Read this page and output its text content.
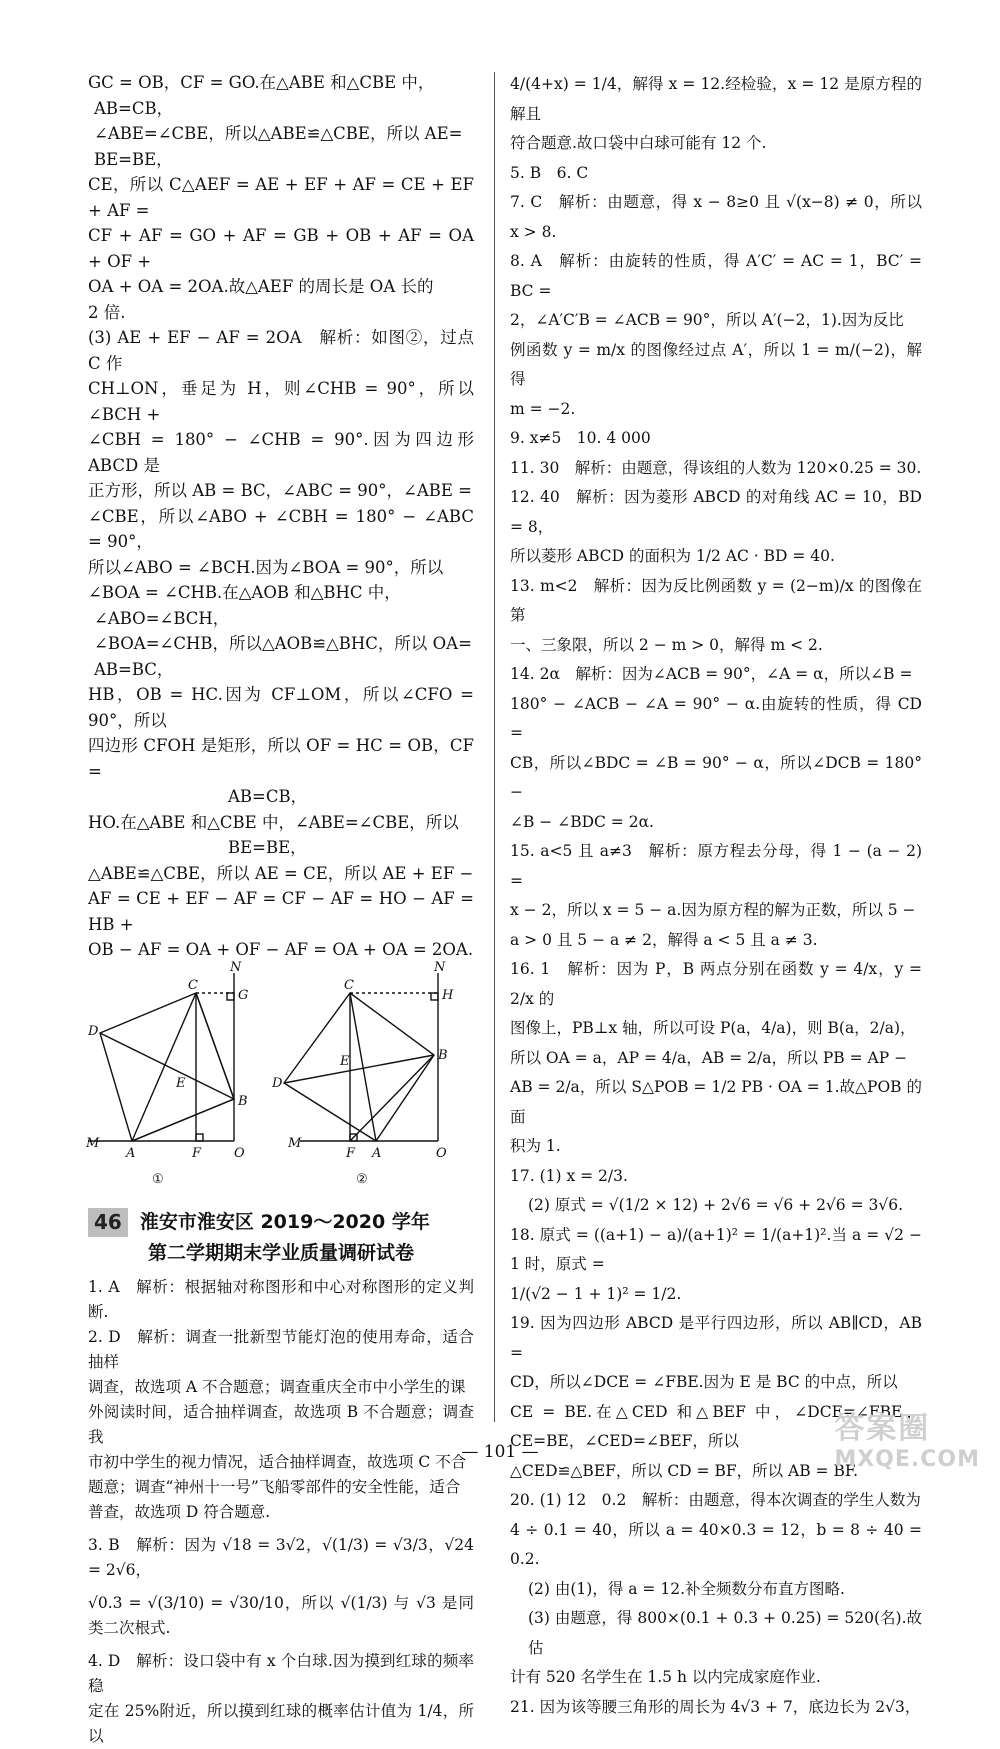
GC = OB，CF = GO.在△ABE 和△CBE 中，

AB=CB，

∠ABE=∠CBE，所以△ABE≌△CBE，所以 AE=

BE=BE，

CE，所以 C△AEF = AE + EF + AF = CE + EF + AF =

CF + AF = GO + AF = GB + OB + AF = OA + OF +

OA + OA = 2OA.故△AEF 的周长是 OA 长的

2 倍.

(3) AE + EF − AF = 2OA　解析：如图②，过点 C 作

CH⊥ON，垂足为 H，则∠CHB = 90°，所以∠BCH +

∠CBH = 180° − ∠CHB = 90°.因为四边形 ABCD 是

正方形，所以 AB = BC，∠ABC = 90°，∠ABE =

∠CBE，所以∠ABO + ∠CBH = 180° − ∠ABC = 90°，

所以∠ABO = ∠BCH.因为∠BOA = 90°，所以

∠BOA = ∠CHB.在△AOB 和△BHC 中，

∠ABO=∠BCH，

∠BOA=∠CHB，所以△AOB≌△BHC，所以 OA=

AB=BC，

HB，OB = HC.因为 CF⊥OM，所以∠CFO = 90°，所以

四边形 CFOH 是矩形，所以 OF = HC = OB，CF =

AB=CB，

HO.在△ABE 和△CBE 中，∠ABE=∠CBE，所以

BE=BE，

△ABE≌△CBE，所以 AE = CE，所以 AE + EF −

AF = CE + EF − AF = CF − AF = HO − AF = HB +

OB − AF = OA + OF − AF = OA + OA = 2OA.

C
G
N
D
E
B
M
A	F	O
①
C
H
N
E	B
D
M
F A	O
②
46 淮安市淮安区 2019～2020 学年
第二学期期末学业质量调研试卷

1. A　解析：根据轴对称图形和中心对称图形的定义判断.

2. D　解析：调查一批新型节能灯泡的使用寿命，适合抽样

调查，故选项 A 不合题意；调查重庆全市中小学生的课

外阅读时间，适合抽样调查，故选项 B 不合题意；调查我

市初中学生的视力情况，适合抽样调查，故选项 C 不合

题意；调查“神州十一号”飞船零部件的安全性能，适合

普查，故选项 D 符合题意.

3. B　解析：因为 √18 = 3√2，√(1/3) = √3/3，√24 = 2√6，

√0.3 = √(3/10) = √30/10，所以 √(1/3) 与 √3 是同类二次根式.

4. D　解析：设口袋中有 x 个白球.因为摸到红球的频率稳

定在 25%附近，所以摸到红球的概率估计值为 1/4，所以

4/(4+x) = 1/4，解得 x = 12.经检验，x = 12 是原方程的解且

符合题意.故口袋中白球可能有 12 个.

5. B　6. C

7. C　解析：由题意，得 x − 8≥0 且 √(x−8) ≠ 0，所以 x > 8.

8. A　解析：由旋转的性质，得 A′C′ = AC = 1，BC′ = BC =

2，∠A′C′B = ∠ACB = 90°，所以 A′(−2，1).因为反比

例函数 y = m/x 的图像经过点 A′，所以 1 = m/(−2)，解得

m = −2.

9. x≠5　10. 4 000

11. 30　解析：由题意，得该组的人数为 120×0.25 = 30.

12. 40　解析：因为菱形 ABCD 的对角线 AC = 10，BD = 8，

所以菱形 ABCD 的面积为 1/2 AC · BD = 40.

13. m<2　解析：因为反比例函数 y = (2−m)/x 的图像在第

一、三象限，所以 2 − m > 0，解得 m < 2.

14. 2α　解析：因为∠ACB = 90°，∠A = α，所以∠B =

180° − ∠ACB − ∠A = 90° − α.由旋转的性质，得 CD =

CB，所以∠BDC = ∠B = 90° − α，所以∠DCB = 180° −

∠B − ∠BDC = 2α.

15. a<5 且 a≠3　解析：原方程去分母，得 1 − (a − 2) =

x − 2，所以 x = 5 − a.因为原方程的解为正数，所以 5 −

a > 0 且 5 − a ≠ 2，解得 a < 5 且 a ≠ 3.

16. 1　解析：因为 P，B 两点分别在函数 y = 4/x，y = 2/x 的

图像上，PB⊥x 轴，所以可设 P(a，4/a)，则 B(a，2/a)，

所以 OA = a，AP = 4/a，AB = 2/a，所以 PB = AP −

AB = 2/a，所以 S△POB = 1/2 PB · OA = 1.故△POB 的面

积为 1.

17. (1) x = 2/3.

(2) 原式 = √(1/2 × 12) + 2√6 = √6 + 2√6 = 3√6.

18. 原式 = ((a+1) − a)/(a+1)² = 1/(a+1)².当 a = √2 − 1 时，原式 =

1/(√2 − 1 + 1)² = 1/2.

19. 因为四边形 ABCD 是平行四边形，所以 AB∥CD，AB =

CD，所以∠DCE = ∠FBE.因为 E 是 BC 的中点，所以

CE = BE.在△CED 和△BEF 中，∠DCE=∠FBE，CE=BE，∠CED=∠BEF，所以

△CED≌△BEF，所以 CD = BF，所以 AB = BF.

20. (1) 12　0.2　解析：由题意，得本次调查的学生人数为

4 ÷ 0.1 = 40，所以 a = 40×0.3 = 12，b = 8 ÷ 40 = 0.2.

(2) 由(1)，得 a = 12.补全频数分布直方图略.

(3) 由题意，得 800×(0.1 + 0.3 + 0.25) = 520(名).故估

计有 520 名学生在 1.5 h 以内完成家庭作业.

21. 因为该等腰三角形的周长为 4√3 + 7，底边长为 2√3，

— 101 —
答案圈
MXQE.COM
